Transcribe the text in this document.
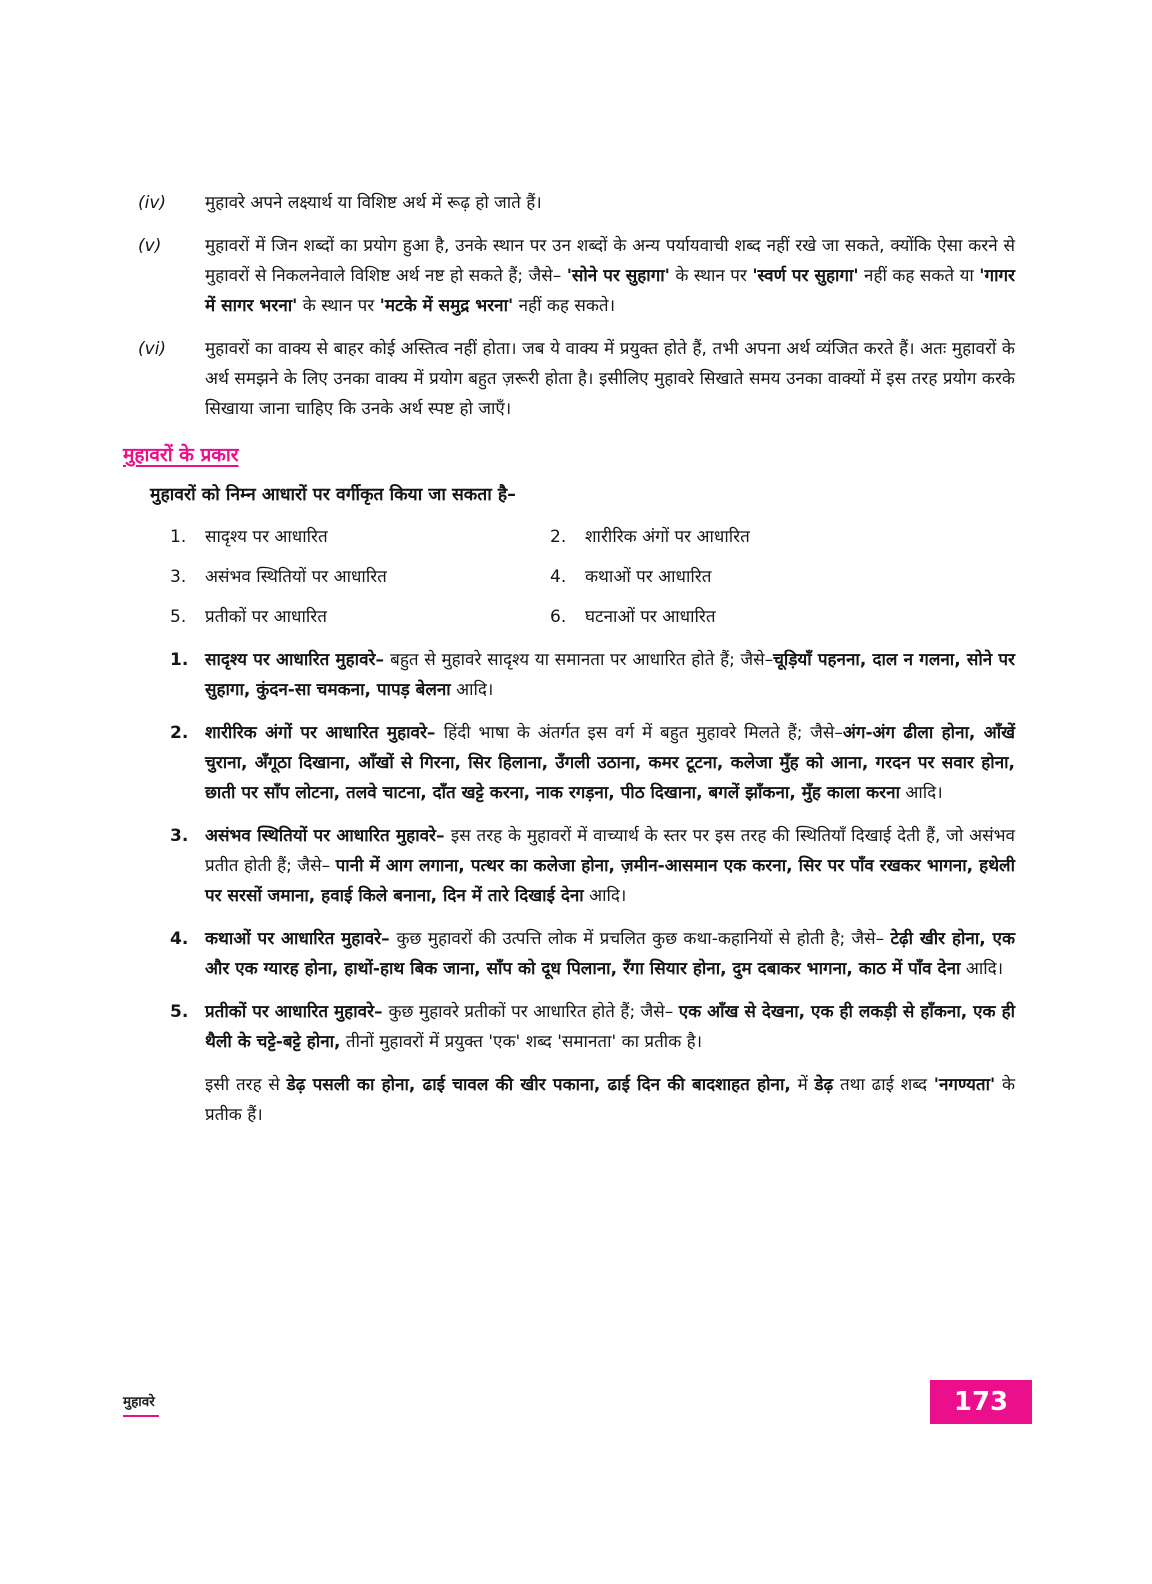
(iv)	मुहावरे अपने लक्ष्यार्थ या विशिष्ट अर्थ में रूढ़ हो जाते हैं।
(v)	मुहावरों में जिन शब्दों का प्रयोग हुआ है, उनके स्थान पर उन शब्दों के अन्य पर्यायवाची शब्द नहीं रखे जा सकते, क्योंकि ऐसा करने से मुहावरों से निकलनेवाले विशिष्ट अर्थ नष्ट हो सकते हैं; जैसे– 'सोने पर सुहागा' के स्थान पर 'स्वर्ण पर सुहागा' नहीं कह सकते या 'गागर में सागर भरना' के स्थान पर 'मटके में समुद्र भरना' नहीं कह सकते।
(vi)	मुहावरों का वाक्य से बाहर कोई अस्तित्व नहीं होता। जब ये वाक्य में प्रयुक्त होते हैं, तभी अपना अर्थ व्यंजित करते हैं। अतः मुहावरों के अर्थ समझने के लिए उनका वाक्य में प्रयोग बहुत ज़रूरी होता है। इसीलिए मुहावरे सिखाते समय उनका वाक्यों में इस तरह प्रयोग करके सिखाया जाना चाहिए कि उनके अर्थ स्पष्ट हो जाएँ।
मुहावरों के प्रकार

मुहावरों को निम्न आधारों पर वर्गीकृत किया जा सकता है–

1.	सादृश्य पर आधारित	2.	शारीरिक अंगों पर आधारित
3.	असंभव स्थितियों पर आधारित	4.	कथाओं पर आधारित
5.	प्रतीकों पर आधारित	6.	घटनाओं पर आधारित
1. सादृश्य पर आधारित मुहावरे– बहुत से मुहावरे सादृश्य या समानता पर आधारित होते हैं; जैसे–चूड़ियाँ पहनना, दाल न गलना, सोने पर सुहागा, कुंदन-सा चमकना, पापड़ बेलना आदि।
2. शारीरिक अंगों पर आधारित मुहावरे– हिंदी भाषा के अंतर्गत इस वर्ग में बहुत मुहावरे मिलते हैं; जैसे–अंग-अंग ढीला होना, आँखें चुराना, अँगूठा दिखाना, आँखों से गिरना, सिर हिलाना, उँगली उठाना, कमर टूटना, कलेजा मुँह को आना, गरदन पर सवार होना, छाती पर साँप लोटना, तलवे चाटना, दाँत खट्टे करना, नाक रगड़ना, पीठ दिखाना, बगलें झाँकना, मुँह काला करना आदि।
3. असंभव स्थितियों पर आधारित मुहावरे– इस तरह के मुहावरों में वाच्यार्थ के स्तर पर इस तरह की स्थितियाँ दिखाई देती हैं, जो असंभव प्रतीत होती हैं; जैसे– पानी में आग लगाना, पत्थर का कलेजा होना, ज़मीन-आसमान एक करना, सिर पर पाँव रखकर भागना, हथेली पर सरसों जमाना, हवाई किले बनाना, दिन में तारे दिखाई देना आदि।
4. कथाओं पर आधारित मुहावरे– कुछ मुहावरों की उत्पत्ति लोक में प्रचलित कुछ कथा-कहानियों से होती है; जैसे– टेढ़ी खीर होना, एक और एक ग्यारह होना, हाथों-हाथ बिक जाना, साँप को दूध पिलाना, रँगा सियार होना, दुम दबाकर भागना, काठ में पाँव देना आदि।
5. प्रतीकों पर आधारित मुहावरे– कुछ मुहावरे प्रतीकों पर आधारित होते हैं; जैसे– एक आँख से देखना, एक ही लकड़ी से हाँकना, एक ही थैली के चट्टे-बट्टे होना, तीनों मुहावरों में प्रयुक्त 'एक' शब्द 'समानता' का प्रतीक है।

इसी तरह से डेढ़ पसली का होना, ढाई चावल की खीर पकाना, ढाई दिन की बादशाहत होना, में डेढ़ तथा ढाई शब्द 'नगण्यता' के प्रतीक हैं।

मुहावरे	173
